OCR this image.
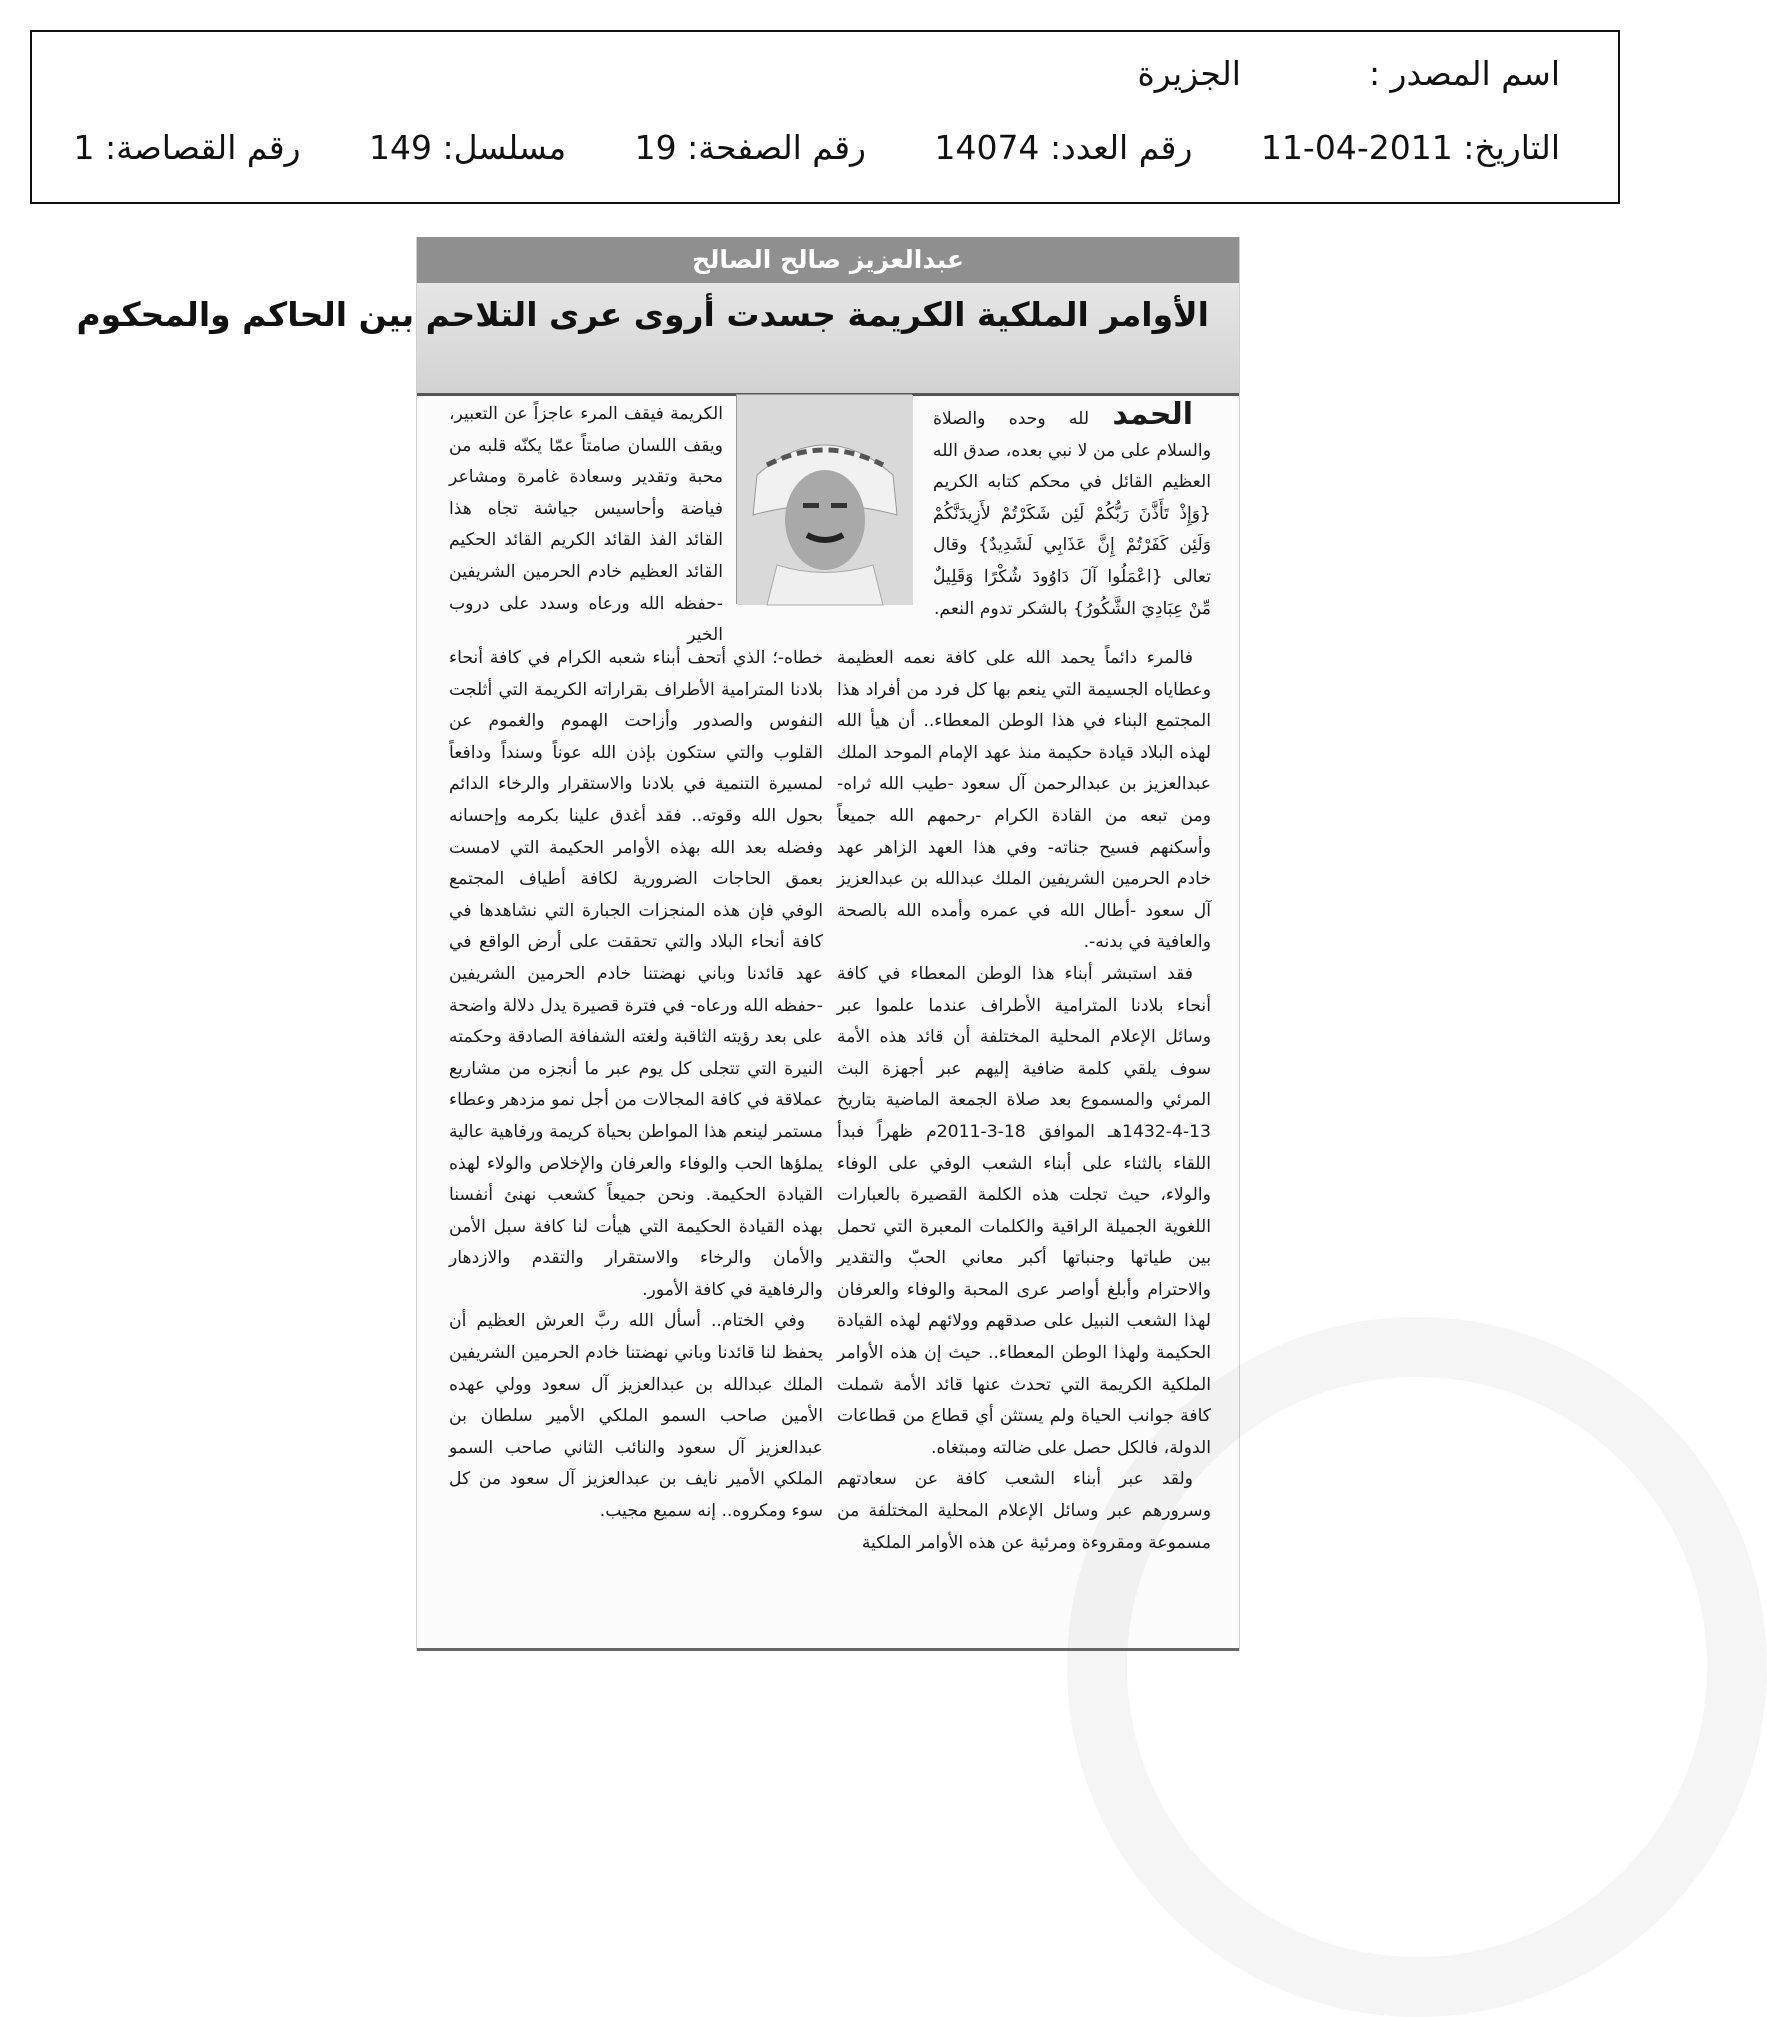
اسم المصدر :الجزيرة
التاريخ: 2011-04-11 رقم العدد: 14074 رقم الصفحة: 19 مسلسل: 149 رقم القصاصة: 1
عبدالعزيز صالح الصالح
الأوامر الملكية الكريمة جسدت أروى عرى التلاحم بين الحاكم والمحكوم

الحمد لله وحده والصلاة والسلام على من لا نبي بعده، صدق الله العظيم القائل في محكم كتابه الكريم {وَإِذْ تَأَذَّنَ رَبُّكُمْ لَئِن شَكَرْتُمْ لأَزِيدَنَّكُمْ وَلَئِن كَفَرْتُمْ إِنَّ عَذَابِي لَشَدِيدٌ} وقال تعالى {اعْمَلُوا آلَ دَاوُودَ شُكْرًا وَقَلِيلٌ مِّنْ عِبَادِيَ الشَّكُورُ} بالشكر تدوم النعم.

فالمرء دائماً يحمد الله على كافة نعمه العظيمة وعطاياه الجسيمة التي ينعم بها كل فرد من أفراد هذا المجتمع البناء في هذا الوطن المعطاء.. أن هيأ الله لهذه البلاد قيادة حكيمة منذ عهد الإمام الموحد الملك عبدالعزيز بن عبدالرحمن آل سعود -طيب الله ثراه- ومن تبعه من القادة الكرام -رحمهم الله جميعاً وأسكنهم فسيح جناته- وفي هذا العهد الزاهر عهد خادم الحرمين الشريفين الملك عبدالله بن عبدالعزيز آل سعود -أطال الله في عمره وأمده الله بالصحة والعافية في بدنه-.

فقد استبشر أبناء هذا الوطن المعطاء في كافة أنحاء بلادنا المترامية الأطراف عندما علموا عبر وسائل الإعلام المحلية المختلفة أن قائد هذه الأمة سوف يلقي كلمة ضافية إليهم عبر أجهزة البث المرئي والمسموع بعد صلاة الجمعة الماضية بتاريخ 13-4-1432هـ الموافق 18-3-2011م ظهراً فبدأ اللقاء بالثناء على أبناء الشعب الوفي على الوفاء والولاء، حيث تجلت هذه الكلمة القصيرة بالعبارات اللغوية الجميلة الراقية والكلمات المعبرة التي تحمل بين طياتها وجنباتها أكبر معاني الحبّ والتقدير والاحترام وأبلغ أواصر عرى المحبة والوفاء والعرفان لهذا الشعب النبيل على صدقهم وولائهم لهذه القيادة الحكيمة ولهذا الوطن المعطاء.. حيث إن هذه الأوامر الملكية الكريمة التي تحدث عنها قائد الأمة شملت كافة جوانب الحياة ولم يستثن أي قطاع من قطاعات الدولة، فالكل حصل على ضالته ومبتغاه.

ولقد عبر أبناء الشعب كافة عن سعادتهم وسرورهم عبر وسائل الإعلام المحلية المختلفة من مسموعة ومقروءة ومرئية عن هذه الأوامر الملكية

الكريمة فيقف المرء عاجزاً عن التعبير، ويقف اللسان صامتاً عمّا يكنّه قلبه من محبة وتقدير وسعادة غامرة ومشاعر فياضة وأحاسيس جياشة تجاه هذا القائد الفذ القائد الكريم القائد الحكيم القائد العظيم خادم الحرمين الشريفين -حفظه الله ورعاه وسدد على دروب الخير

خطاه-؛ الذي أتحف أبناء شعبه الكرام في كافة أنحاء بلادنا المترامية الأطراف بقراراته الكريمة التي أثلجت النفوس والصدور وأزاحت الهموم والغموم عن القلوب والتي ستكون بإذن الله عوناً وسنداً ودافعاً لمسيرة التنمية في بلادنا والاستقرار والرخاء الدائم بحول الله وقوته.. فقد أغدق علينا بكرمه وإحسانه وفضله بعد الله بهذه الأوامر الحكيمة التي لامست بعمق الحاجات الضرورية لكافة أطياف المجتمع الوفي فإن هذه المنجزات الجبارة التي نشاهدها في كافة أنحاء البلاد والتي تحققت على أرض الواقع في عهد قائدنا وباني نهضتنا خادم الحرمين الشريفين -حفظه الله ورعاه- في فترة قصيرة يدل دلالة واضحة على بعد رؤيته الثاقبة ولغته الشفافة الصادقة وحكمته النيرة التي تتجلى كل يوم عبر ما أنجزه من مشاريع عملاقة في كافة المجالات من أجل نمو مزدهر وعطاء مستمر لينعم هذا المواطن بحياة كريمة ورفاهية عالية يملؤها الحب والوفاء والعرفان والإخلاص والولاء لهذه القيادة الحكيمة. ونحن جميعاً كشعب نهنئ أنفسنا بهذه القيادة الحكيمة التي هيأت لنا كافة سبل الأمن والأمان والرخاء والاستقرار والتقدم والازدهار والرفاهية في كافة الأمور.

وفي الختام.. أسأل الله ربَّ العرش العظيم أن يحفظ لنا قائدنا وباني نهضتنا خادم الحرمين الشريفين الملك عبدالله بن عبدالعزيز آل سعود وولي عهده الأمين صاحب السمو الملكي الأمير سلطان بن عبدالعزيز آل سعود والنائب الثاني صاحب السمو الملكي الأمير نايف بن عبدالعزيز آل سعود من كل سوء ومكروه.. إنه سميع مجيب.
